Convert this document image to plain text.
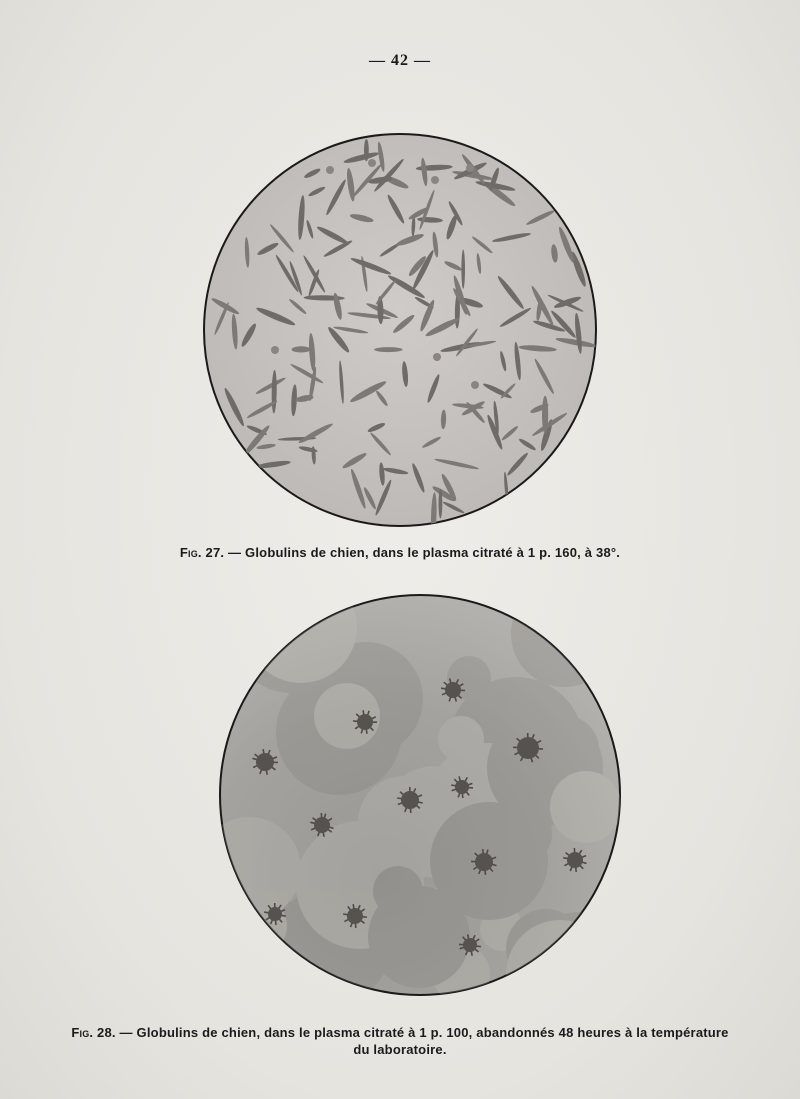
— 42 —
Fig. 27. — Globulins de chien, dans le plasma citraté à 1 p. 160, à 38°.
Fig. 28. — Globulins de chien, dans le plasma citraté à 1 p. 100, abandonnés 48 heures à la température
du laboratoire.
